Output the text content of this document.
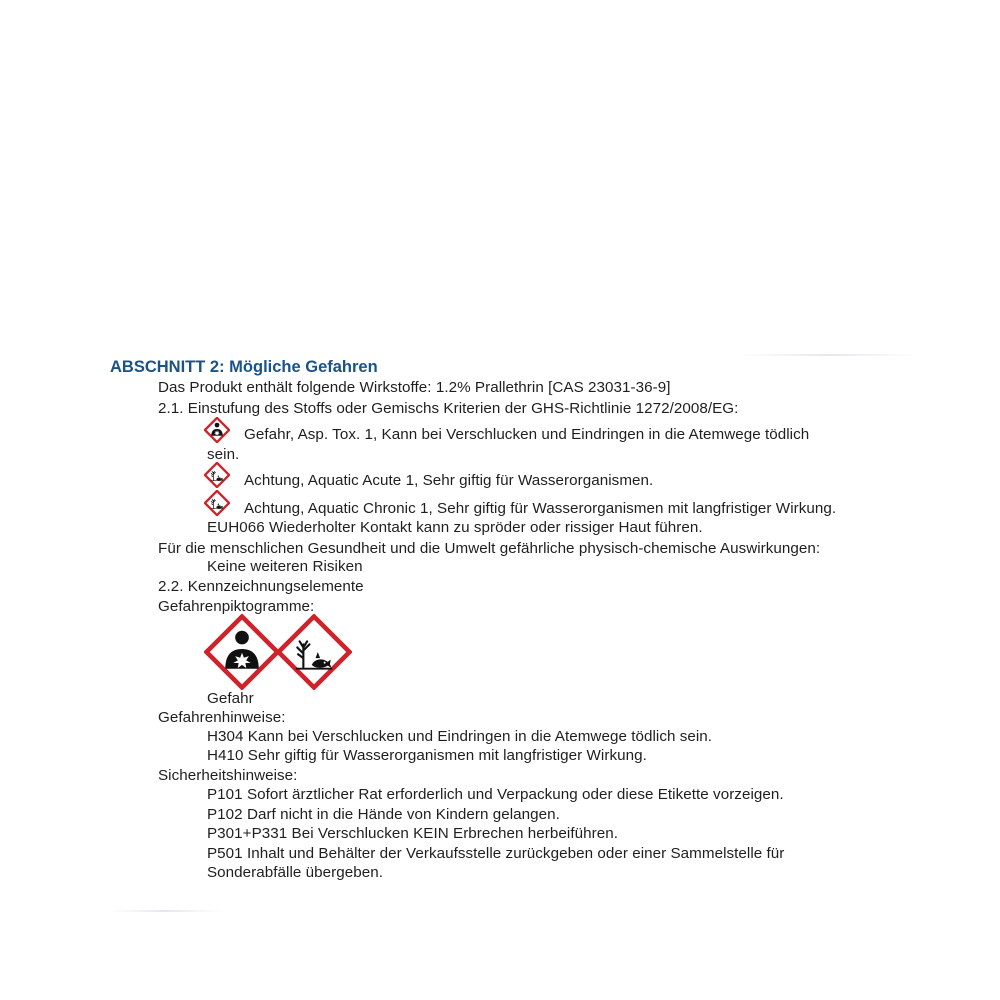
ABSCHNITT 2: Mögliche Gefahren
Das Produkt enthält folgende Wirkstoffe: 1.2% Prallethrin [CAS 23031-36-9]
2.1. Einstufung des Stoffs oder Gemischs Kriterien der GHS-Richtlinie 1272/2008/EG:
Gefahr, Asp. Tox. 1, Kann bei Verschlucken und Eindringen in die Atemwege tödlich
sein.
Achtung, Aquatic Acute 1, Sehr giftig für Wasserorganismen.
Achtung, Aquatic Chronic 1, Sehr giftig für Wasserorganismen mit langfristiger Wirkung.
EUH066 Wiederholter Kontakt kann zu spröder oder rissiger Haut führen.
Für die menschlichen Gesundheit und die Umwelt gefährliche physisch-chemische Auswirkungen:
Keine weiteren Risiken
2.2. Kennzeichnungselemente
Gefahrenpiktogramme:
Gefahr
Gefahrenhinweise:
H304 Kann bei Verschlucken und Eindringen in die Atemwege tödlich sein.
H410 Sehr giftig für Wasserorganismen mit langfristiger Wirkung.
Sicherheitshinweise:
P101 Sofort ärztlicher Rat erforderlich und Verpackung oder diese Etikette vorzeigen.
P102 Darf nicht in die Hände von Kindern gelangen.
P301+P331 Bei Verschlucken KEIN Erbrechen herbeiführen.
P501 Inhalt und Behälter der Verkaufsstelle zurückgeben oder einer Sammelstelle für
Sonderabfälle übergeben.
